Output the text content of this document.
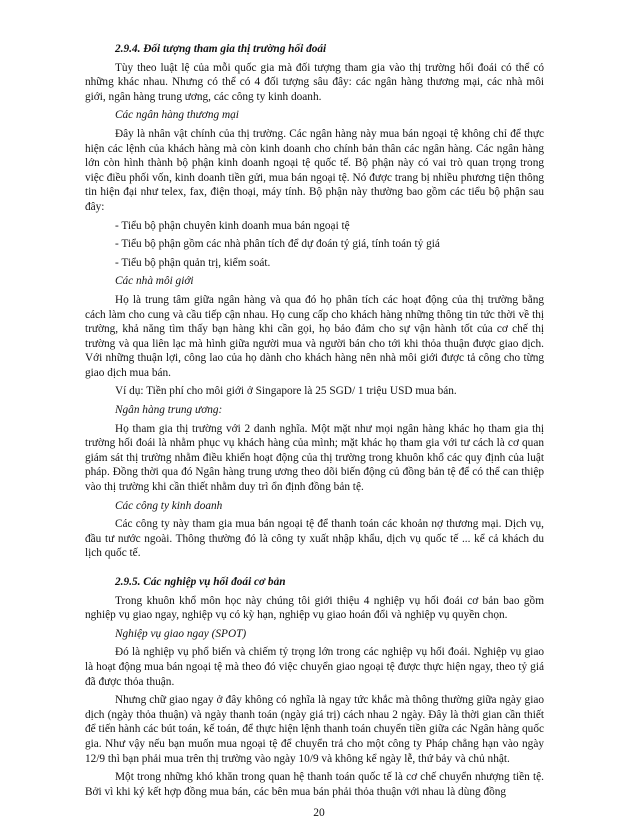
2.9.4. Đối tượng tham gia thị trường hối đoái
Tùy theo luật lệ của mỗi quốc gia mà đối tượng tham gia vào thị trường hối đoái có thể có những khác nhau. Nhưng có thể có 4 đối tượng sâu đây: các ngân hàng thương mại, các nhà môi giới, ngân hàng trung ương, các công ty kinh doanh.
Các ngân hàng thương mại
Đây là nhân vật chính của thị trường. Các ngân hàng này mua bán ngoại tệ không chỉ để thực hiện các lệnh của khách hàng mà còn kinh doanh cho chính bản thân các ngân hàng. Các ngân hàng lớn còn hình thành bộ phận kinh doanh ngoại tệ quốc tế. Bộ phận này có vai trò quan trọng trong việc điều phối vốn, kinh doanh tiền gửi, mua bán ngoại tệ. Nó được trang bị nhiều phương tiện thông tin hiện đại như telex, fax, điện thoại, máy tính. Bộ phận này thường bao gồm các tiểu bộ phận sau đây:
- Tiểu bộ phận chuyên kinh doanh mua bán ngoại tệ
- Tiểu bộ phận gồm các nhà phân tích để dự đoán tỷ giá, tính toán tỷ giá
- Tiểu bộ phận quản trị, kiểm soát.
Các nhà môi giới
Họ là trung tâm giữa ngân hàng và qua đó họ phân tích các hoạt động của thị trường bằng cách làm cho cung và cầu tiếp cận nhau. Họ cung cấp cho khách hàng những thông tin tức thời về thị trường, khả năng tìm thấy bạn hàng khi cần gọi, họ bảo đảm cho sự vận hành tốt của cơ chế thị trường và qua liên lạc mà hình giữa người mua và người bán cho tới khi thỏa thuận được giao dịch. Với những thuận lợi, công lao của họ dành cho khách hàng nên nhà môi giới được tả công cho từng giao dịch mua bán.
Ví dụ: Tiền phí cho môi giới ở Singapore là 25 SGD/ 1 triệu USD mua bán.
Ngân hàng trung ương:
Họ tham gia thị trường với 2 danh nghĩa. Một mặt như mọi ngân hàng khác họ tham gia thị trường hối đoái là nhằm phục vụ khách hàng của mình; mặt khác họ tham gia với tư cách là cơ quan giám sát thị trường nhằm điều khiển hoạt động của thị trường trong khuôn khổ các quy định của luật pháp. Đồng thời qua đó Ngân hàng trung ương theo dõi biến động củ đồng bản tệ để có thể can thiệp vào thị trường khi cần thiết nhằm duy trì ổn định đồng bản tệ.
Các công ty kinh doanh
Các công ty này tham gia mua bán ngoại tệ để thanh toán các khoản nợ thương mại. Dịch vụ, đầu tư nước ngoài. Thông thường đó là công ty xuất nhập khẩu, dịch vụ quốc tế ... kể cả khách du lịch quốc tế.
2.9.5. Các nghiệp vụ hối đoái cơ bản
Trong khuôn khổ môn học này chúng tôi giới thiệu 4 nghiệp vụ hối đoái cơ bản bao gồm nghiệp vụ giao ngay, nghiệp vụ có kỳ hạn, nghiệp vụ giao hoán đổi và nghiệp vụ quyền chọn.
Nghiệp vụ giao ngay (SPOT)
Đó là nghiệp vụ phổ biến và chiếm tỷ trọng lớn trong các nghiệp vụ hối đoái. Nghiệp vụ giao là hoạt động mua bán ngoại tệ mà theo đó việc chuyển giao ngoại tệ được thực hiện ngay, theo tỷ giá đã được thỏa thuận.
Nhưng chữ giao ngay ở đây không có nghĩa là ngay tức khắc mà thông thường giữa ngày giao dịch (ngày thỏa thuận) và ngày thanh toán (ngày giá trị) cách nhau 2 ngày. Đây là thời gian cần thiết để tiến hành các bút toán, kế toán, để thực hiện lệnh thanh toán chuyển tiền giữa các Ngân hàng quốc gia. Như vậy nếu bạn muốn mua ngoại tệ để chuyển trả cho một công ty Pháp chẳng hạn vào ngày 12/9 thì bạn phải mua trên thị trường vào ngày 10/9 và không kể ngày lễ, thứ bảy và chủ nhật.
Một trong những khó khăn trong quan hệ thanh toán quốc tế là cơ chế chuyển nhượng tiền tệ. Bởi vì khi ký kết hợp đồng mua bán, các bên mua bán phải thỏa thuận với nhau là dùng đồng
20
